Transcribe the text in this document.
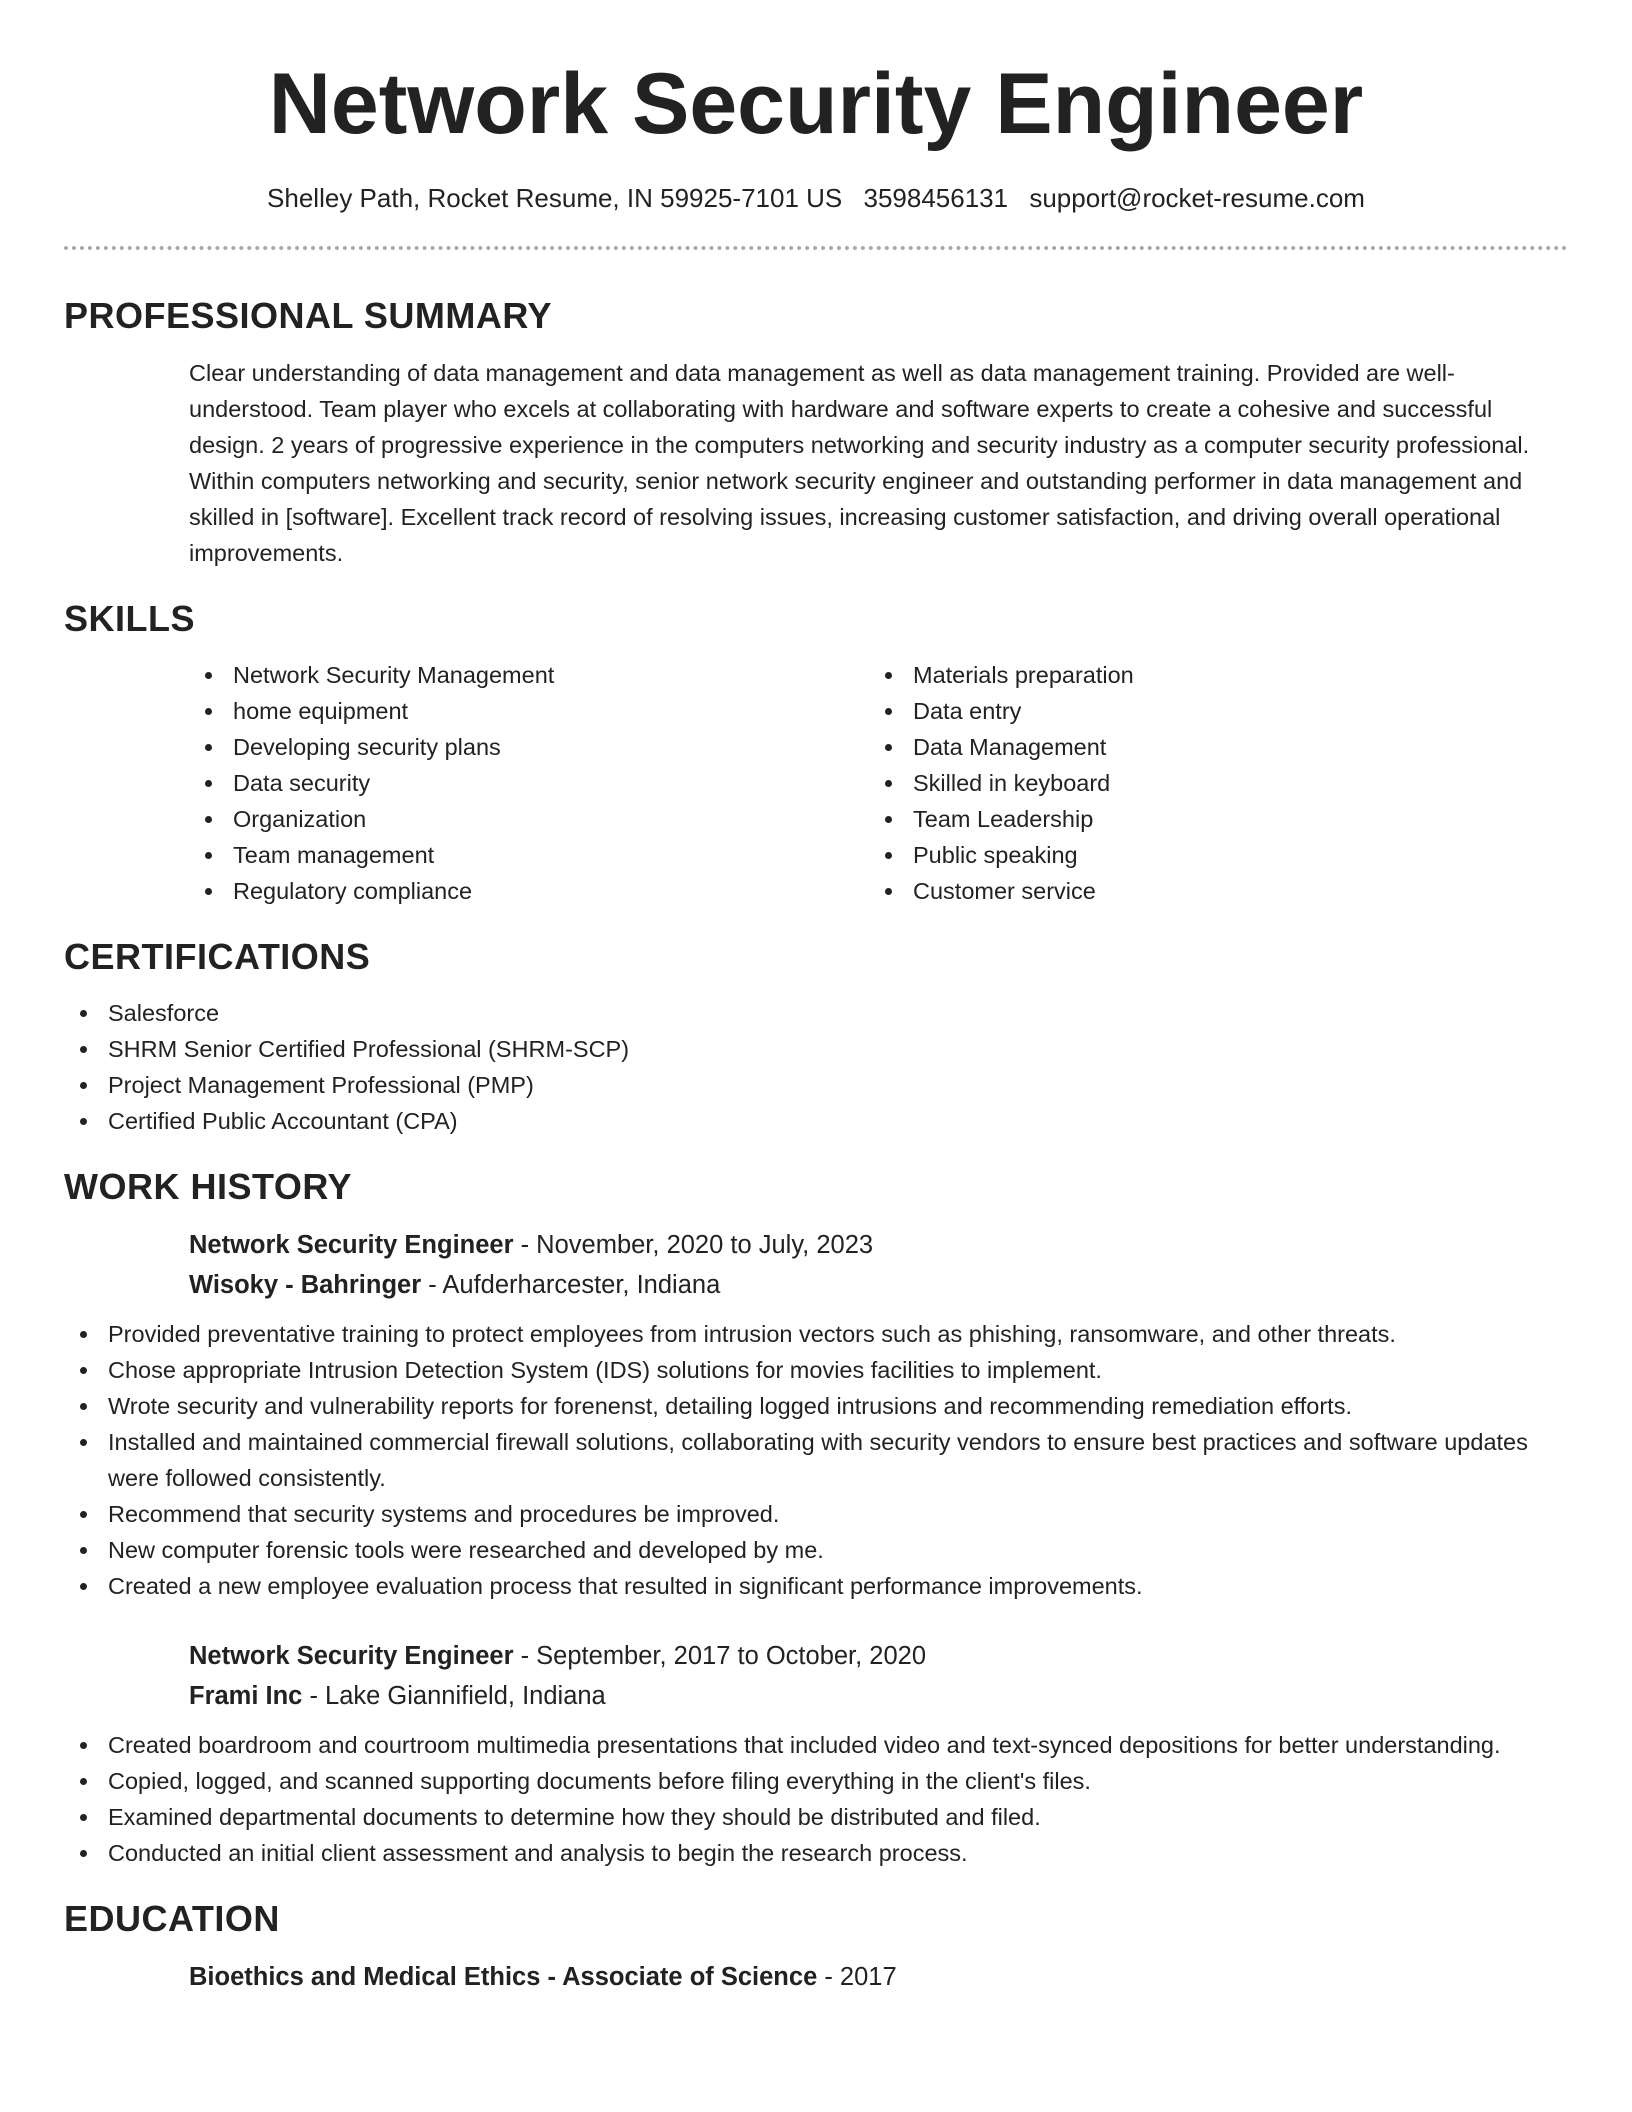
Network Security Engineer
Shelley Path, Rocket Resume, IN 59925-7101 US 3598456131 support@rocket-resume.com
PROFESSIONAL SUMMARY
Clear understanding of data management and data management as well as data management training. Provided are well-understood. Team player who excels at collaborating with hardware and software experts to create a cohesive and successful design. 2 years of progressive experience in the computers networking and security industry as a computer security professional. Within computers networking and security, senior network security engineer and outstanding performer in data management and skilled in [software]. Excellent track record of resolving issues, increasing customer satisfaction, and driving overall operational improvements.
SKILLS
Network Security Management
home equipment
Developing security plans
Data security
Organization
Team management
Regulatory compliance
Materials preparation
Data entry
Data Management
Skilled in keyboard
Team Leadership
Public speaking
Customer service
CERTIFICATIONS
Salesforce
SHRM Senior Certified Professional (SHRM-SCP)
Project Management Professional (PMP)
Certified Public Accountant (CPA)
WORK HISTORY
Network Security Engineer - November, 2020 to July, 2023
Wisoky - Bahringer - Aufderharcester, Indiana
Provided preventative training to protect employees from intrusion vectors such as phishing, ransomware, and other threats.
Chose appropriate Intrusion Detection System (IDS) solutions for movies facilities to implement.
Wrote security and vulnerability reports for forenenst, detailing logged intrusions and recommending remediation efforts.
Installed and maintained commercial firewall solutions, collaborating with security vendors to ensure best practices and software updates were followed consistently.
Recommend that security systems and procedures be improved.
New computer forensic tools were researched and developed by me.
Created a new employee evaluation process that resulted in significant performance improvements.
Network Security Engineer - September, 2017 to October, 2020
Frami Inc - Lake Giannifield, Indiana
Created boardroom and courtroom multimedia presentations that included video and text-synced depositions for better understanding.
Copied, logged, and scanned supporting documents before filing everything in the client's files.
Examined departmental documents to determine how they should be distributed and filed.
Conducted an initial client assessment and analysis to begin the research process.
EDUCATION
Bioethics and Medical Ethics - Associate of Science - 2017
